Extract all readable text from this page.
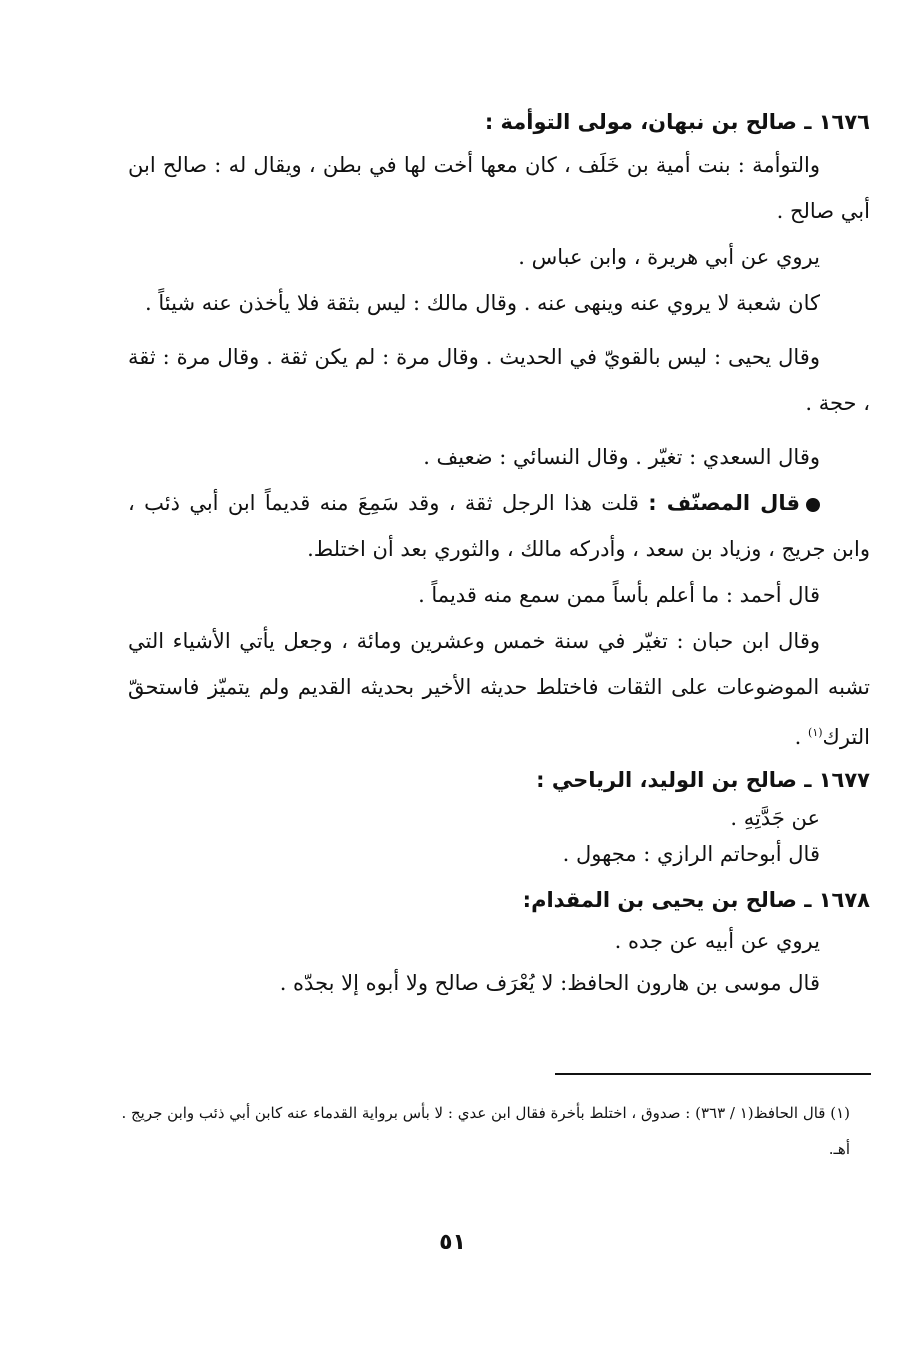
١٦٧٦ ـ صالح بن نبهان، مولى التوأمة :

والتوأمة : بنت أمية بن خَلَف ، كان معها أخت لها في بطن ، ويقال له : صالح ابن أبي صالح .

يروي عن أبي هريرة ، وابن عباس .

كان شعبة لا يروي عنه وينهى عنه . وقال مالك : ليس بثقة فلا يأخذن عنه شيئاً .

وقال يحيى : ليس بالقويّ في الحديث . وقال مرة : لم يكن ثقة . وقال مرة : ثقة ، حجة .

وقال السعدي : تغيّر . وقال النسائي : ضعيف .

قال المصنّف : قلت هذا الرجل ثقة ، وقد سَمِعَ منه قديماً ابن أبي ذئب ، وابن جريج ، وزياد بن سعد ، وأدركه مالك ، والثوري بعد أن اختلط.

قال أحمد : ما أعلم بأساً ممن سمع منه قديماً .

وقال ابن حبان : تغيّر في سنة خمس وعشرين ومائة ، وجعل يأتي الأشياء التي تشبه الموضوعات على الثقات فاختلط حديثه الأخير بحديثه القديم ولم يتميّز فاستحقّ الترك$^{(١)}$ .

١٦٧٧ ـ صالح بن الوليد، الرياحي :

عن جَدَّتِهِ .

قال أبوحاتم الرازي : مجهول .

١٦٧٨ ـ صالح بن يحيى بن المقدام:

يروي عن أبيه عن جده .

قال موسى بن هارون الحافظ: لا يُعْرَف صالح ولا أبوه إلا بجدّه .

(١) قال الحافظ(١ / ٣٦٣) : صدوق ، اختلط بأخرة فقال ابن عدي : لا بأس برواية القدماء عنه كابن أبي ذئب وابن جريج . أهـ.

٥١
